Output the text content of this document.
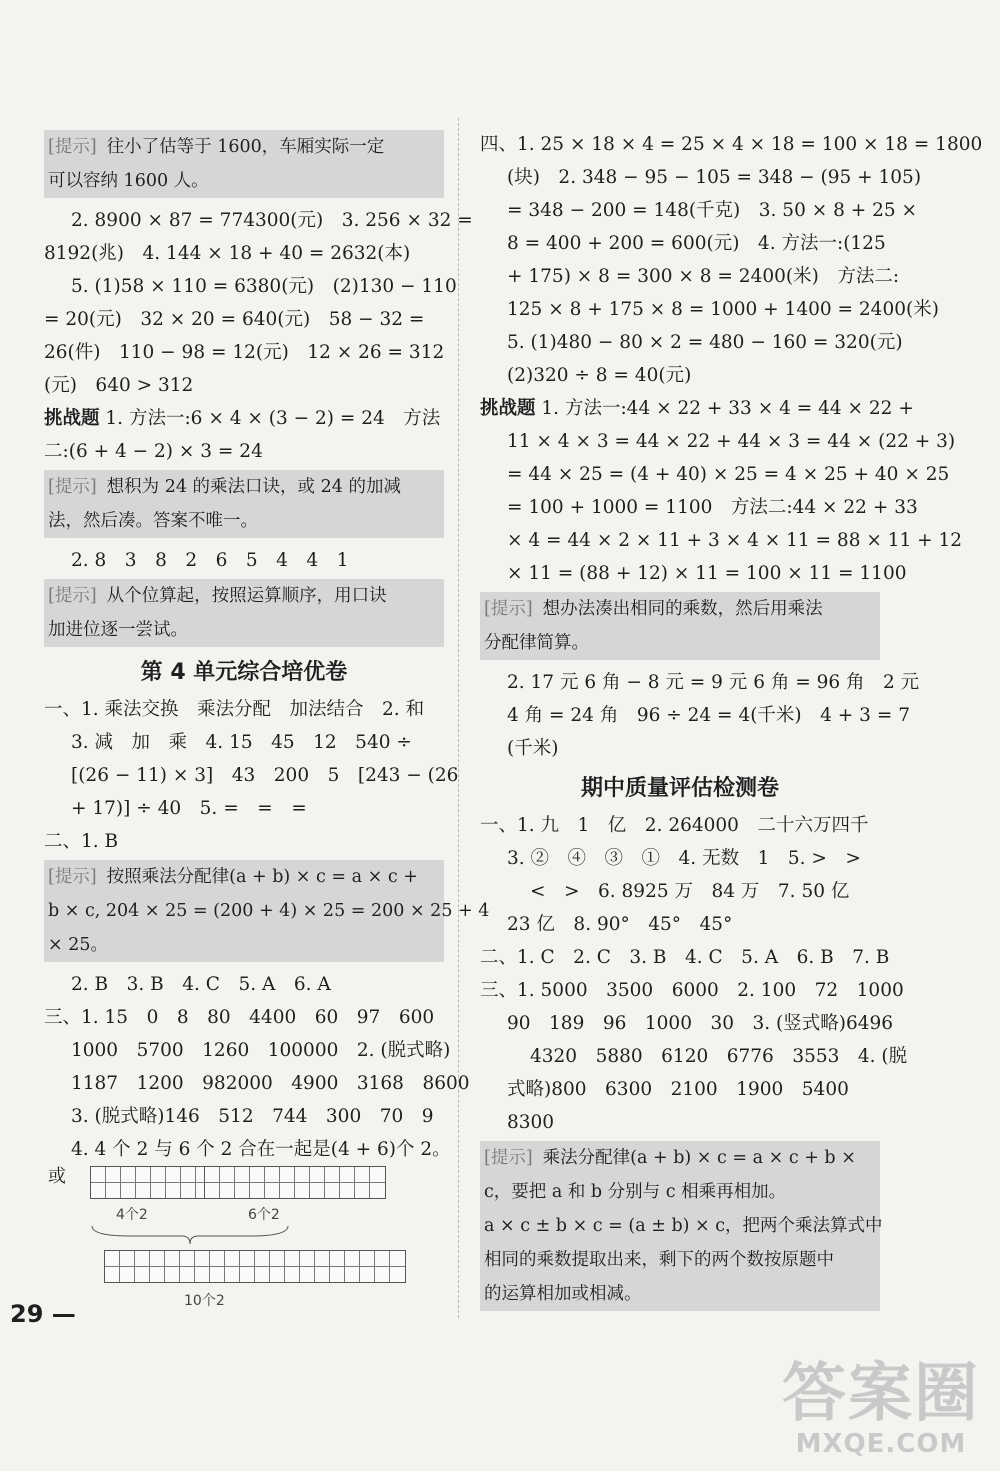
[提示] 往小了估等于 1600，车厢实际一定
可以容纳 1600 人。
2. 8900 × 87 = 774300(元)　3. 256 × 32 =
8192(兆)　4. 144 × 18 + 40 = 2632(本)
5. (1)58 × 110 = 6380(元)　(2)130 − 110
= 20(元)　32 × 20 = 640(元)　58 − 32 =
26(件)　110 − 98 = 12(元)　12 × 26 = 312
(元)　640 > 312
挑战题 1. 方法一:6 × 4 × (3 − 2) = 24　方法
二:(6 + 4 − 2) × 3 = 24
[提示] 想积为 24 的乘法口诀，或 24 的加减
法，然后凑。答案不唯一。
2. 8　3　8　2　6　5　4　4　1
[提示] 从个位算起，按照运算顺序，用口诀
加进位逐一尝试。
第 4 单元综合培优卷
一、1. 乘法交换　乘法分配　加法结合　2. 和
3. 减　加　乘　4. 15　45　12　540 ÷
[(26 − 11) × 3]　43　200　5　[243 − (26
+ 17)] ÷ 40　5. =　=　=
二、1. B
[提示] 按照乘法分配律(a + b) × c = a × c +
b × c, 204 × 25 = (200 + 4) × 25 = 200 × 25 + 4
× 25。
2. B　3. B　4. C　5. A　6. A
三、1. 15　0　8　80　4400　60　97　600
1000　5700　1260　100000　2. (脱式略)
1187　1200　982000　4900　3168　8600
3. (脱式略)146　512　744　300　70　9
4. 4 个 2 与 6 个 2 合在一起是(4 + 6)个 2。
或
4个2	6个2
10个2
四、1. 25 × 18 × 4 = 25 × 4 × 18 = 100 × 18 = 1800
(块)　2. 348 − 95 − 105 = 348 − (95 + 105)
= 348 − 200 = 148(千克)　3. 50 × 8 + 25 ×
8 = 400 + 200 = 600(元)　4. 方法一:(125
+ 175) × 8 = 300 × 8 = 2400(米)　方法二:
125 × 8 + 175 × 8 = 1000 + 1400 = 2400(米)
5. (1)480 − 80 × 2 = 480 − 160 = 320(元)
(2)320 ÷ 8 = 40(元)
挑战题 1. 方法一:44 × 22 + 33 × 4 = 44 × 22 +
11 × 4 × 3 = 44 × 22 + 44 × 3 = 44 × (22 + 3)
= 44 × 25 = (4 + 40) × 25 = 4 × 25 + 40 × 25
= 100 + 1000 = 1100　方法二:44 × 22 + 33
× 4 = 44 × 2 × 11 + 3 × 4 × 11 = 88 × 11 + 12
× 11 = (88 + 12) × 11 = 100 × 11 = 1100
[提示] 想办法凑出相同的乘数，然后用乘法
分配律简算。
2. 17 元 6 角 − 8 元 = 9 元 6 角 = 96 角　2 元
4 角 = 24 角　96 ÷ 24 = 4(千米)　4 + 3 = 7
(千米)
期中质量评估检测卷
一、1. 九　1　亿　2. 264000　二十六万四千
3. ②　④　③　①　4. 无数　1　5. >　>
<　>　6. 8925 万　84 万　7. 50 亿
23 亿　8. 90°　45°　45°
二、1. C　2. C　3. B　4. C　5. A　6. B　7. B
三、1. 5000　3500　6000　2. 100　72　1000
90　189　96　1000　30　3. (竖式略)6496
4320　5880　6120　6776　3553　4. (脱
式略)800　6300　2100　1900　5400
8300
[提示] 乘法分配律(a + b) × c = a × c + b ×
c，要把 a 和 b 分别与 c 相乘再相加。
a × c ± b × c = (a ± b) × c，把两个乘法算式中
相同的乘数提取出来，剩下的两个数按原题中
的运算相加或相减。
29 —
答案圈
MXQE.COM
